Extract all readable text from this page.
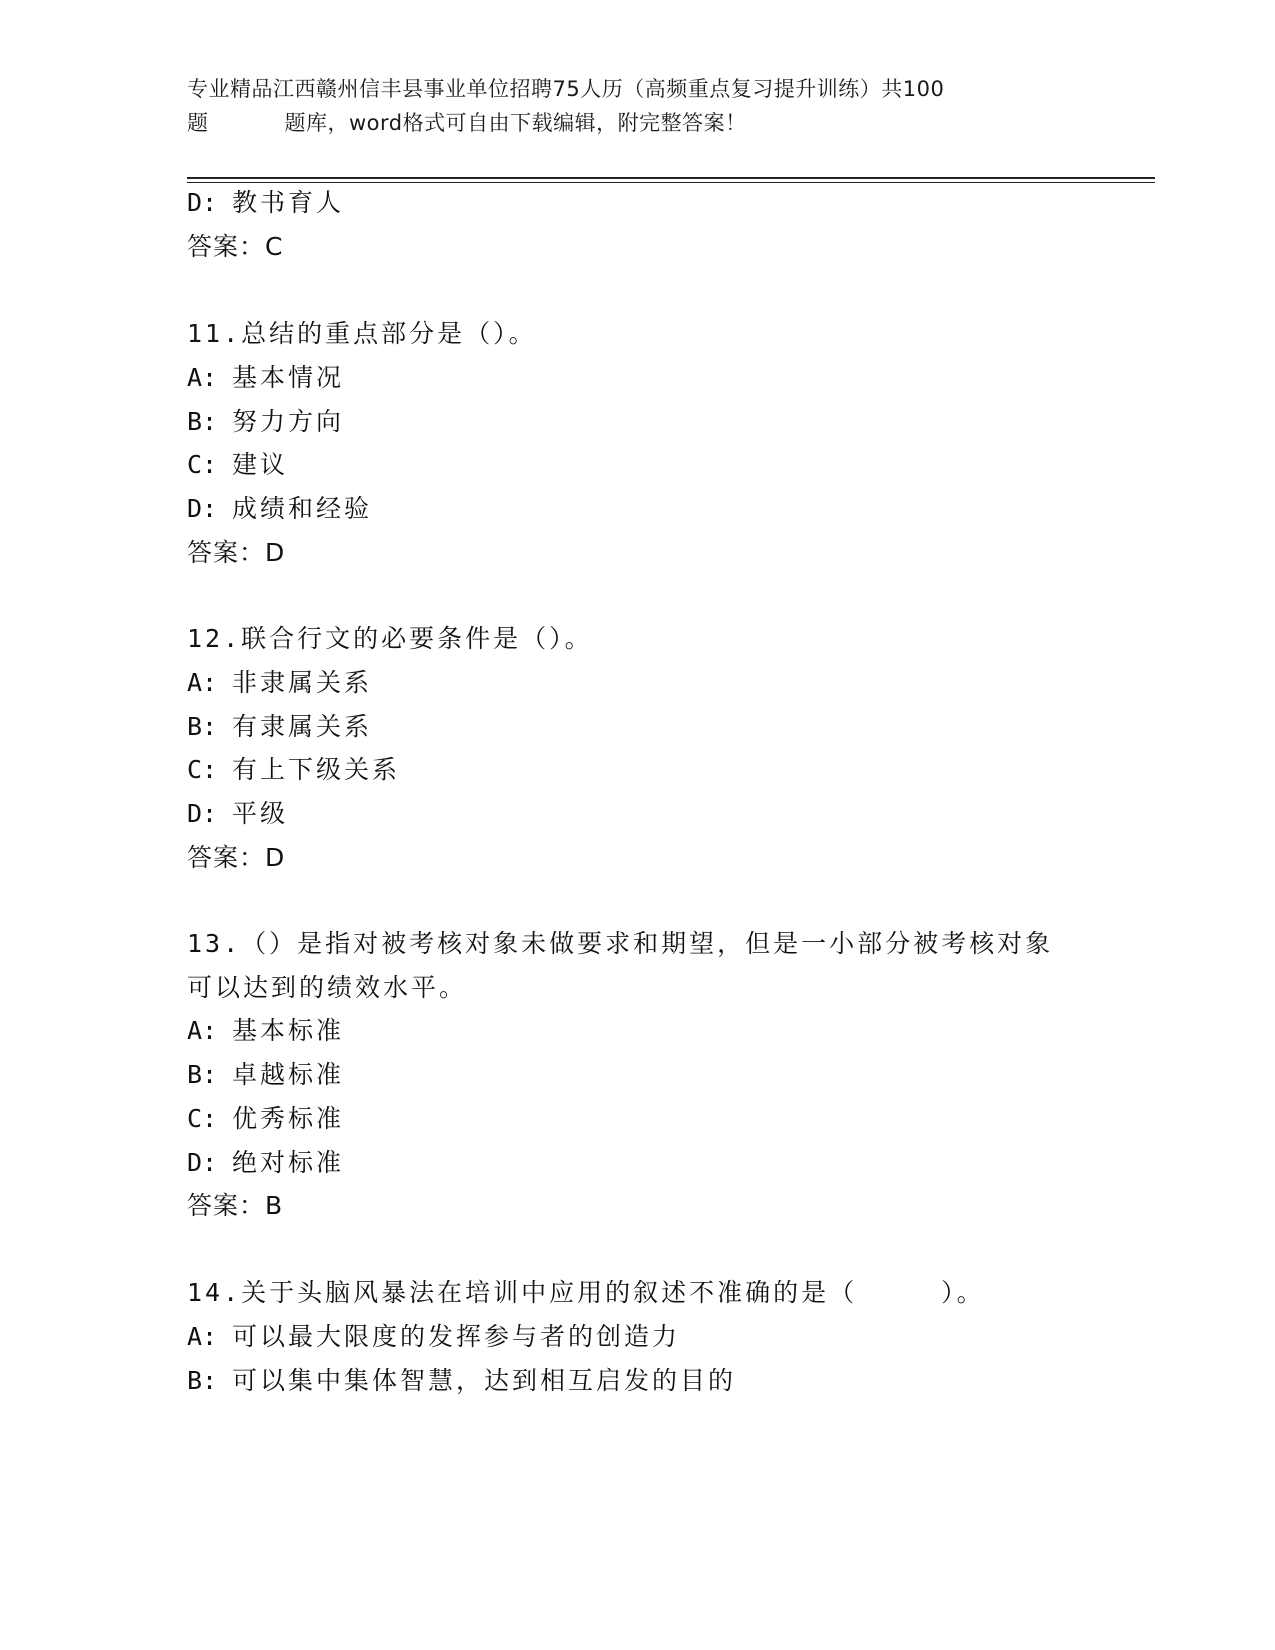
专业精品江西赣州信丰县事业单位招聘75人历（高频重点复习提升训练）共100
题	题库，word格式可自由下载编辑，附完整答案！
D: 教书育人
答案：C
11.总结的重点部分是（）。
A: 基本情况
B: 努力方向
C: 建议
D: 成绩和经验
答案：D
12.联合行文的必要条件是（）。
A: 非隶属关系
B: 有隶属关系
C: 有上下级关系
D: 平级
答案：D
13.（）是指对被考核对象未做要求和期望，但是一小部分被考核对象
可以达到的绩效水平。
A: 基本标准
B: 卓越标准
C: 优秀标准
D: 绝对标准
答案：B
14.关于头脑风暴法在培训中应用的叙述不准确的是（　　　）。
A: 可以最大限度的发挥参与者的创造力
B: 可以集中集体智慧，达到相互启发的目的
